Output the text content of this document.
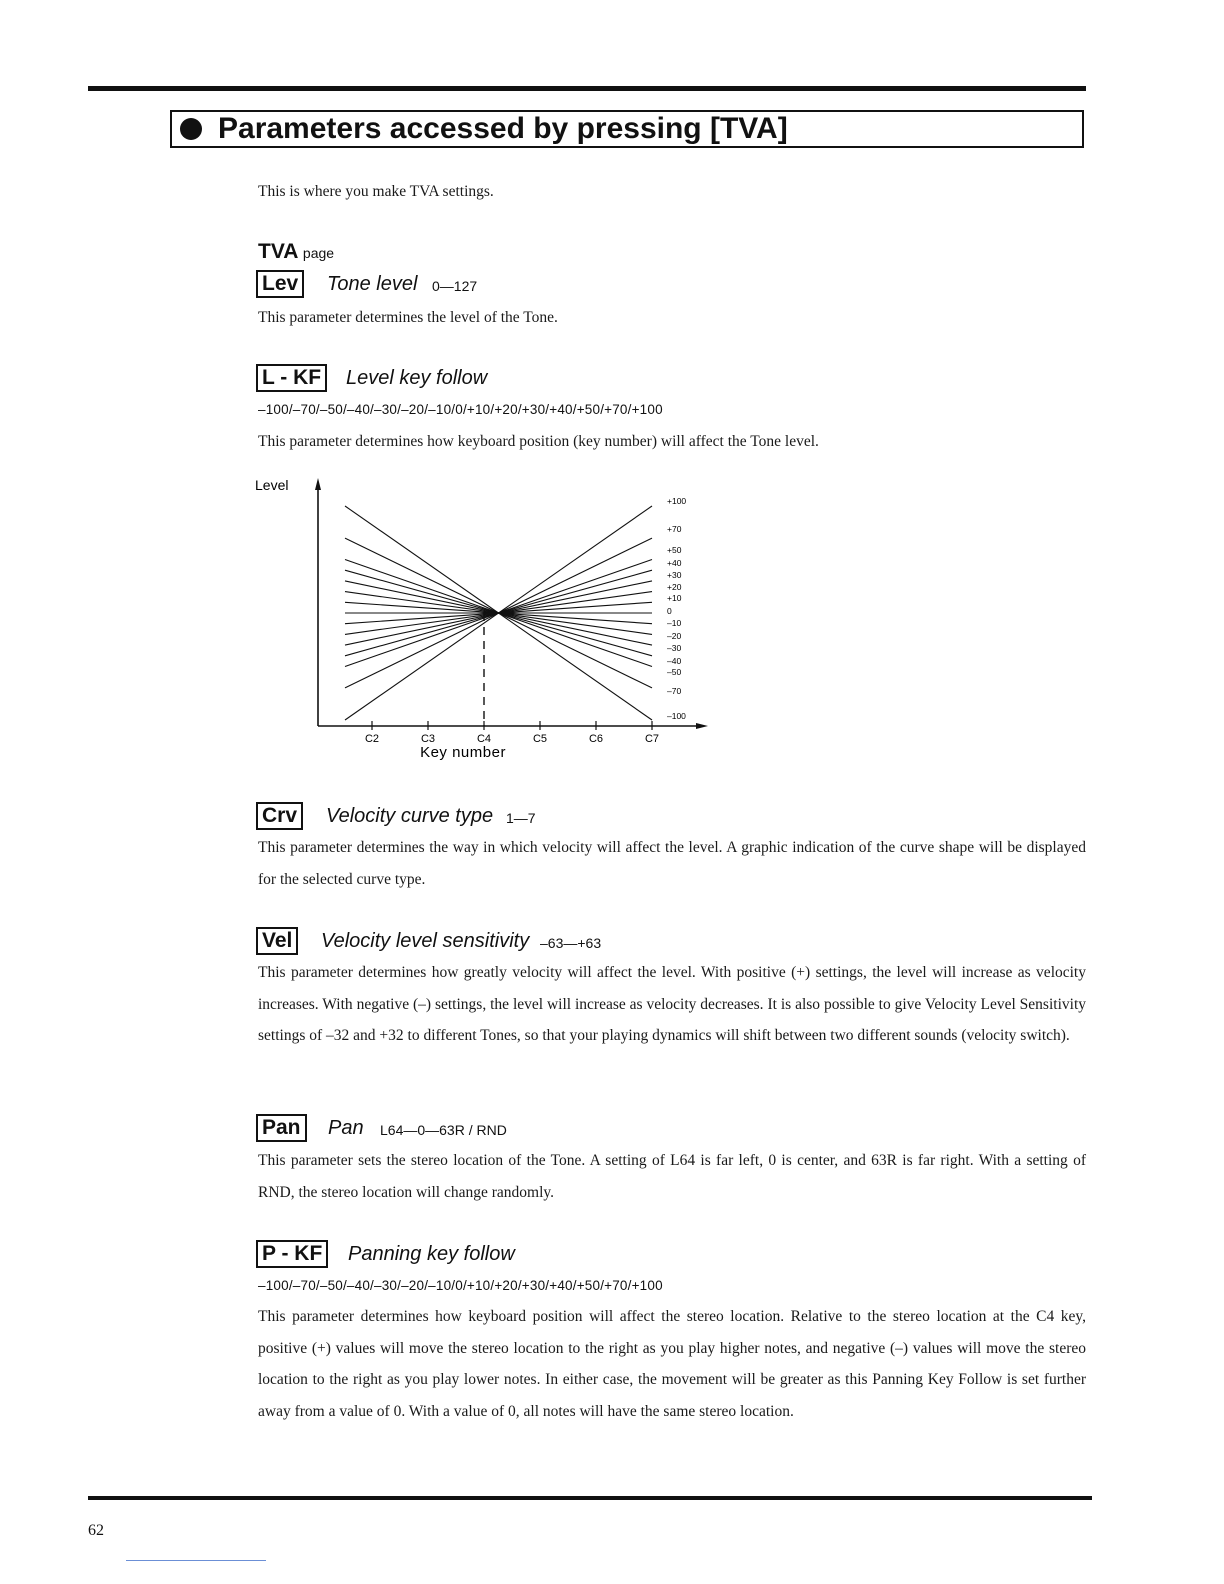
Parameters accessed by pressing [TVA]
This is where you make TVA settings.
TVA page
Lev	Tone level 0—127
This parameter determines the level of the Tone.
L - KF	Level key follow
–100/–70/–50/–40/–30/–20/–10/0/+10/+20/+30/+40/+50/+70/+100
This parameter determines how keyboard position (key number) will affect the Tone level.
Level
+100
+70
+50
+40
+30
+20
+10
0
–10
–20
–30
–40
–50
–70
–100
C2	C3	C4	C5	C6	C7
Key number
Crv	Velocity curve type 1—7
This parameter determines the way in which velocity will affect the level. A graphic indication of the curve shape will be displayed for the selected curve type.
Vel	Velocity level sensitivity –63—+63
This parameter determines how greatly velocity will affect the level. With positive (+) settings, the level will increase as velocity increases. With negative (–) settings, the level will increase as velocity decreases. It is also possible to give Velocity Level Sensitivity settings of –32 and +32 to different Tones, so that your playing dynamics will shift between two different sounds (velocity switch).
Pan	Pan L64—0—63R / RND
This parameter sets the stereo location of the Tone. A setting of L64 is far left, 0 is center, and 63R is far right. With a setting of RND, the stereo location will change randomly.
P - KF	Panning key follow
–100/–70/–50/–40/–30/–20/–10/0/+10/+20/+30/+40/+50/+70/+100
This parameter determines how keyboard position will affect the stereo location. Relative to the stereo location at the C4 key, positive (+) values will move the stereo location to the right as you play higher notes, and negative (–) values will move the stereo location to the right as you play lower notes. In either case, the movement will be greater as this Panning Key Follow is set further away from a value of 0. With a value of 0, all notes will have the same stereo location.
62
